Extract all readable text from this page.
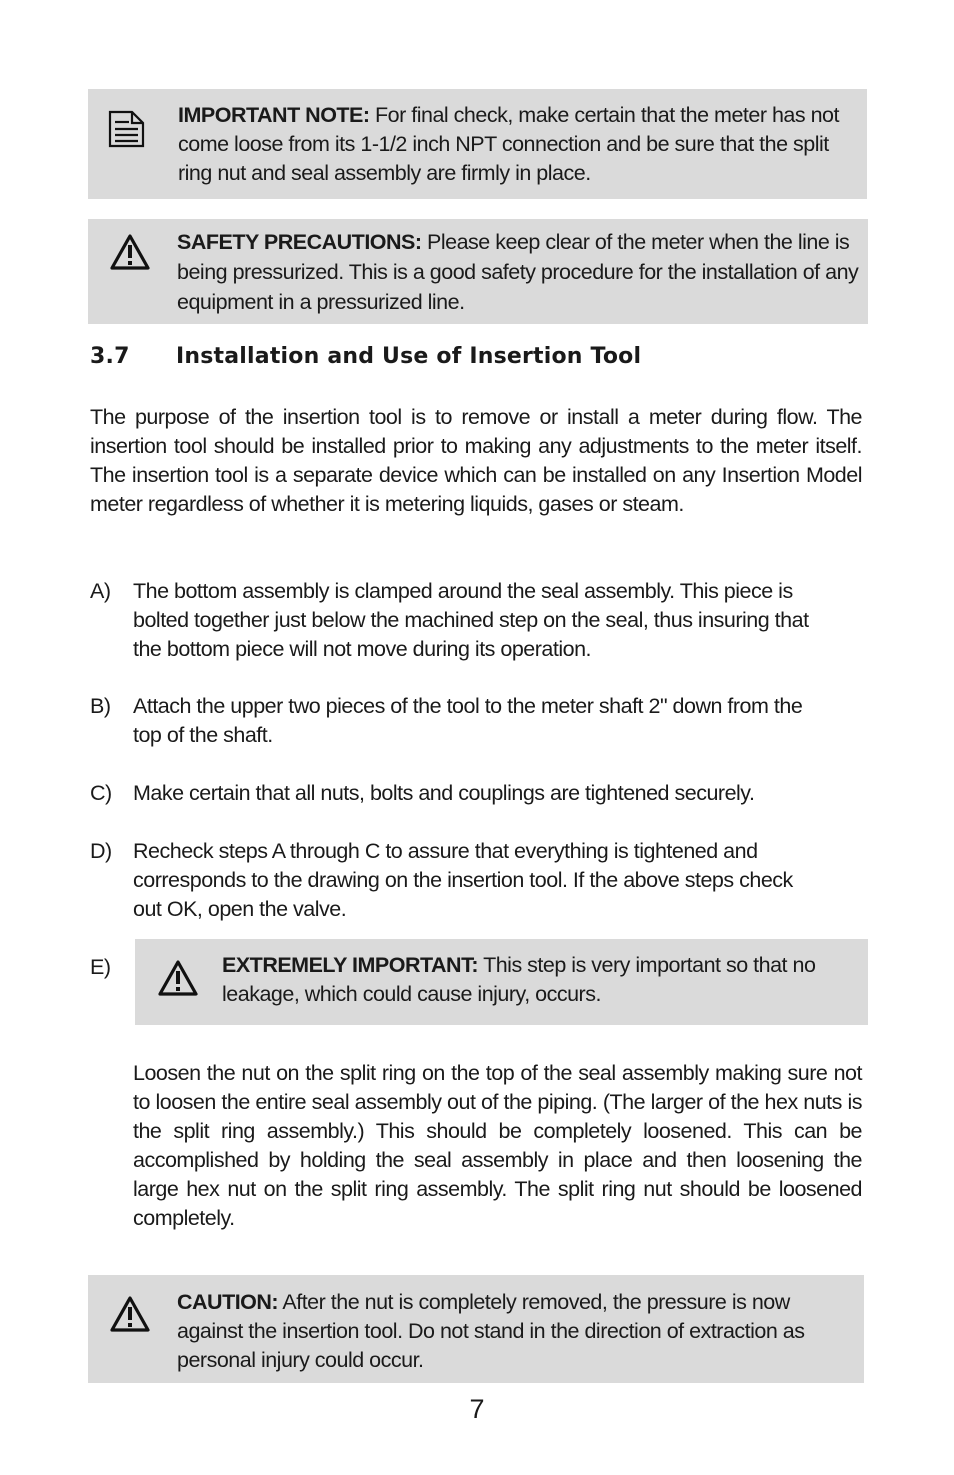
IMPORTANT NOTE: For final check, make certain that the meter has not come loose from its 1-1/2 inch NPT connection and be sure that the split ring nut and seal assembly are firmly in place.
SAFETY PRECAUTIONS: Please keep clear of the meter when the line is being pressurized. This is a good safety procedure for the installation of any equipment in a pressurized line.
3.7 Installation and Use of Insertion Tool
The purpose of the insertion tool is to remove or install a meter during flow. The insertion tool should be installed prior to making any adjustments to the meter itself. The insertion tool is a separate device which can be installed on any Insertion Model meter regardless of whether it is metering liquids, gases or steam.
A) The bottom assembly is clamped around the seal assembly. This piece is bolted together just below the machined step on the seal, thus insuring that the bottom piece will not move during its operation.
B) Attach the upper two pieces of the tool to the meter shaft 2" down from the top of the shaft.
C) Make certain that all nuts, bolts and couplings are tightened securely.
D) Recheck steps A through C to assure that everything is tightened and corresponds to the drawing on the insertion tool. If the above steps check out OK, open the valve.
E)	EXTREMELY IMPORTANT: This step is very important so that no leakage, which could cause injury, occurs.
Loosen the nut on the split ring on the top of the seal assembly making sure not to loosen the entire seal assembly out of the piping. (The larger of the hex nuts is the split ring assembly.) This should be completely loosened. This can be accomplished by holding the seal assembly in place and then loosening the large hex nut on the split ring assembly. The split ring nut should be loosened completely.
CAUTION: After the nut is completely removed, the pressure is now against the insertion tool. Do not stand in the direction of extraction as personal injury could occur.
7
